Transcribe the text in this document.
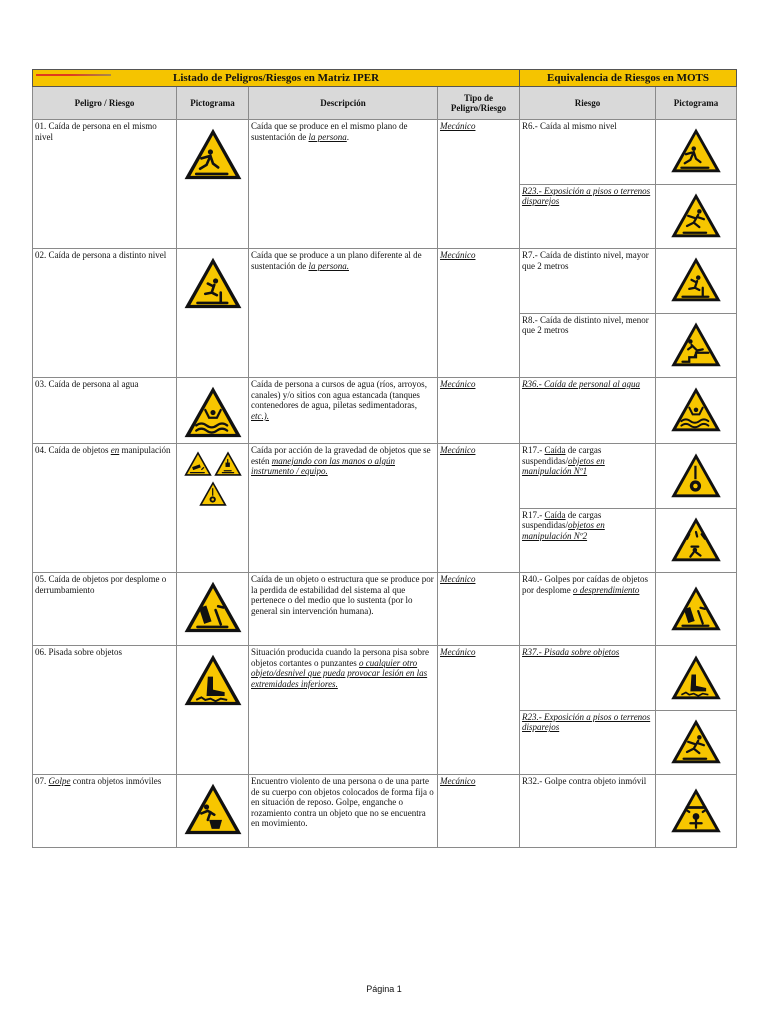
Listado de Peligros/Riesgos en Matriz IPER				Equivalencia de Riesgos en MOTS	
Peligro / Riesgo	Pictograma	Descripción	Tipo de Peligro/Riesgo	Riesgo	Pictograma
01. Caída de persona en el mismo nivel		Caída que se produce en el mismo plano de sustentación de la persona.	Mecánico	R6.- Caída al mismo nivel	
				R23.- Exposición a pisos o terrenos disparejos	
02. Caída de persona a distinto nivel		Caída que se produce a un plano diferente al de sustentación de la persona.	Mecánico	R7.- Caída de distinto nivel, mayor que 2 metros	
				R8.- Caída de distinto nivel, menor que 2 metros	
03. Caída de persona al agua		Caída de persona a cursos de agua (ríos, arroyos, canales) y/o sitios con agua estancada (tanques contenedores de agua, piletas sedimentadoras, etc.).	Mecánico	R36.- Caída de personal al agua	
04. Caída de objetos en manipulación		Caída por acción de la gravedad de objetos que se estén manejando con las manos o algún instrumento / equipo.	Mecánico	R17.- Caída de cargas suspendidas/objetos en manipulación Nº1	
				R17.- Caída de cargas suspendidas/objetos en manipulación Nº2	
05. Caída de objetos por desplome o derrumbamiento		Caída de un objeto o estructura que se produce por la perdida de estabilidad del sistema al que pertenece o del medio que lo sustenta (por lo general sin intervención humana).	Mecánico	R40.- Golpes por caídas de objetos por desplome o desprendimiento	
06. Pisada sobre objetos		Situación producida cuando la persona pisa sobre objetos cortantes o punzantes o cualquier otro objeto/desnivel que pueda provocar lesión en las extremidades inferiores.	Mecánico	R37.- Pisada sobre objetos	
				R23.- Exposición a pisos o terrenos disparejos	
07. Golpe contra objetos inmóviles		Encuentro violento de una persona o de una parte de su cuerpo con objetos colocados de forma fija o en situación de reposo. Golpe, enganche o rozamiento contra un objeto que no se encuentra en movimiento.	Mecánico	R32.- Golpe contra objeto inmóvil	
Página 1
